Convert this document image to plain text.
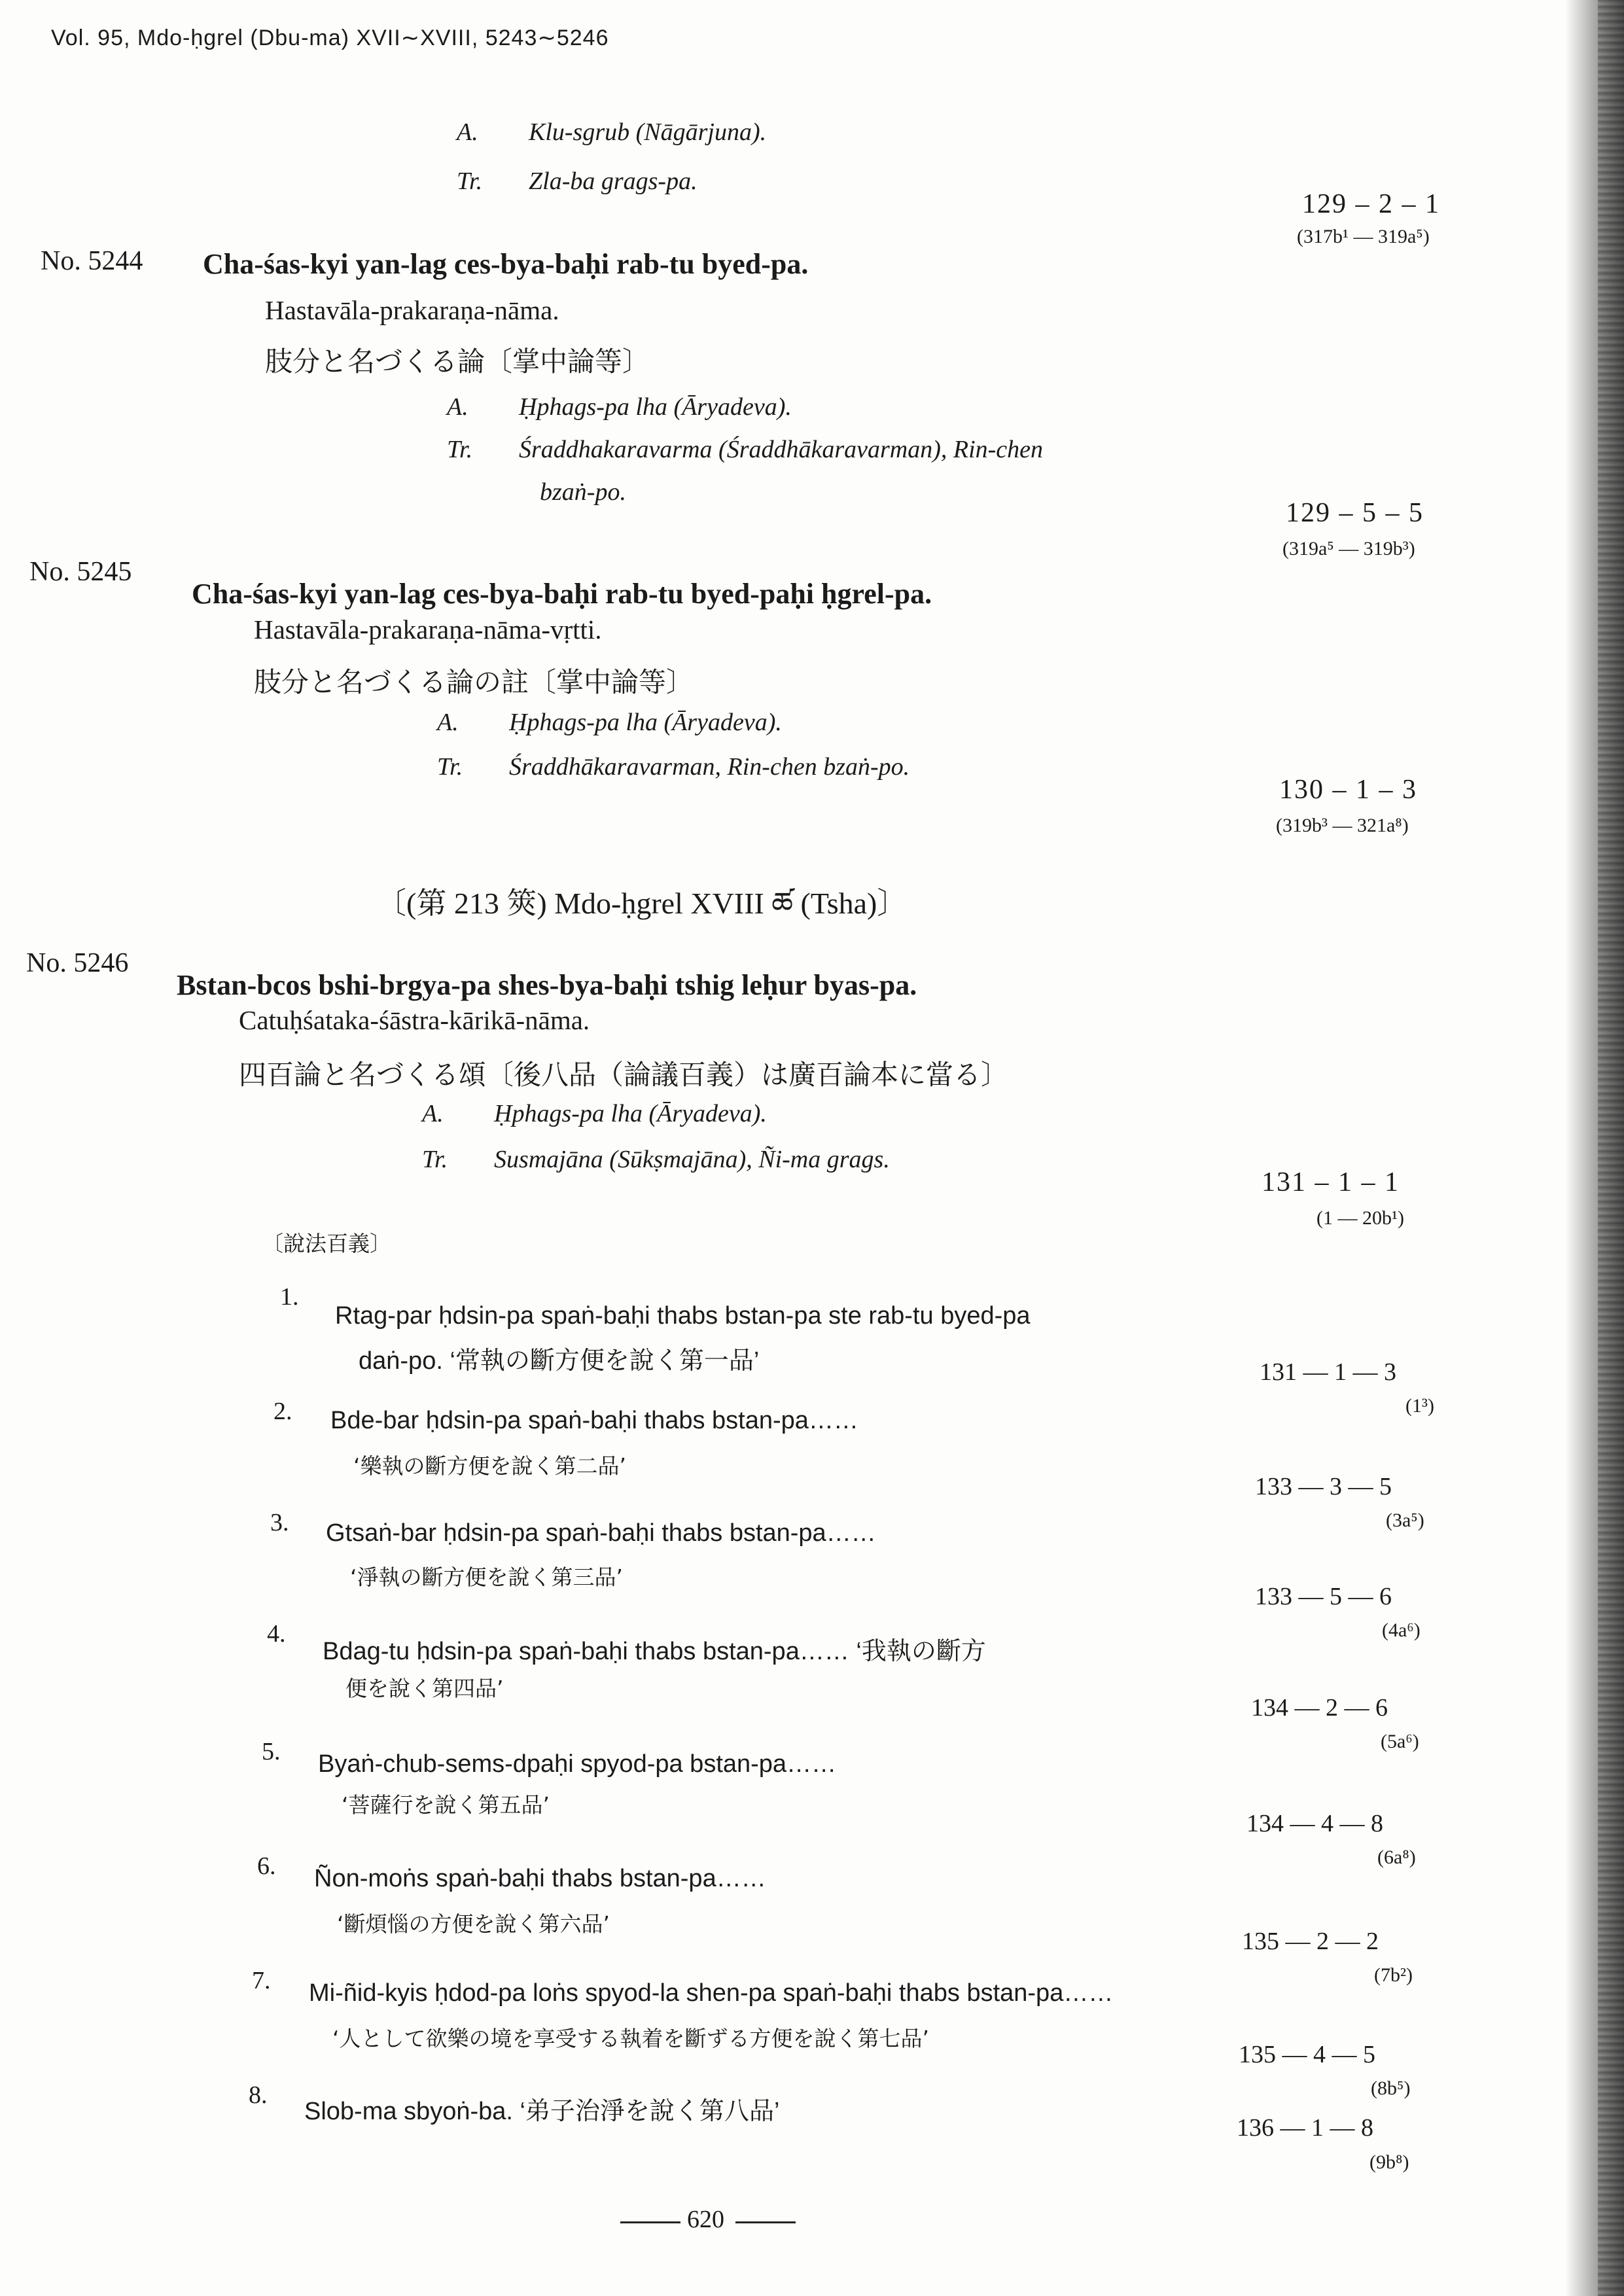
Vol. 95, Mdo-ḥgrel (Dbu-ma) XVII∼XVIII, 5243∼5246
A. Klu-sgrub (Nāgārjuna).
Tr. Zla-ba grags-pa.
129 – 2 – 1
(317b¹ — 319a⁵)
No. 5244 Cha-śas-kyi yan-lag ces-bya-baḥi rab-tu byed-pa.
Hastavāla-prakaraṇa-nāma.
肢分と名づくる論〔掌中論等〕
A. Ḥphags-pa lha (Āryadeva).
Tr. Śraddhakaravarma (Śraddhākaravarman), Rin-chen
bzaṅ-po.
129 – 5 – 5
(319a⁵ — 319b³)
No. 5245
Cha-śas-kyi yan-lag ces-bya-baḥi rab-tu byed-paḥi ḥgrel-pa.
Hastavāla-prakaraṇa-nāma-vṛtti.
肢分と名づくる論の註〔掌中論等〕
A. Ḥphags-pa lha (Āryadeva).
Tr. Śraddhākaravarman, Rin-chen bzaṅ-po.
130 – 1 – 3
(319b³ — 321a⁸)
〔(第 213 筴) Mdo-ḥgrel XVIII ཚ (Tsha)〕
No. 5246
Bstan-bcos bshi-brgya-pa shes-bya-baḥi tshig leḥur byas-pa.
Catuḥśataka-śāstra-kārikā-nāma.
四百論と名づくる頌〔後八品（論議百義）は廣百論本に當る〕
A. Ḥphags-pa lha (Āryadeva).
Tr. Susmajāna (Sūkṣmajāna), Ñi-ma grags.
131 – 1 – 1
(1 — 20b¹)
〔說法百義〕
1.
Rtag-par ḥdsin-pa spaṅ-baḥi thabs bstan-pa ste rab-tu byed-pa
daṅ-po. ‘常執の斷方便を說く第一品’	131 — 1 — 3
(1³)
2. Bde-bar ḥdsin-pa spaṅ-baḥi thabs bstan-pa……
‘樂執の斷方便を說く第二品’
133 — 3 — 5
(3a⁵)
3. Gtsaṅ-bar ḥdsin-pa spaṅ-baḥi thabs bstan-pa……
‘淨執の斷方便を說く第三品’
133 — 5 — 6
(4a⁶)
4.
Bdag-tu ḥdsin-pa spaṅ-baḥi thabs bstan-pa…… ‘我執の斷方
便を說く第四品’
134 — 2 — 6
(5a⁶)
5. Byaṅ-chub-sems-dpaḥi spyod-pa bstan-pa……
‘菩薩行を說く第五品’
134 — 4 — 8
(6a⁸)
6. Ñon-moṅs spaṅ-baḥi thabs bstan-pa……
‘斷煩惱の方便を說く第六品’
135 — 2 — 2
(7b²)
7. Mi-ñid-kyis ḥdod-pa loṅs spyod-la shen-pa spaṅ-baḥi thabs bstan-pa……
‘人として欲樂の境を享受する執着を斷ずる方便を說く第七品’
135 — 4 — 5
(8b⁵)
8.
Slob-ma sbyoṅ-ba. ‘弟子治淨を說く第八品’
136 — 1 — 8
(9b⁸)
620
